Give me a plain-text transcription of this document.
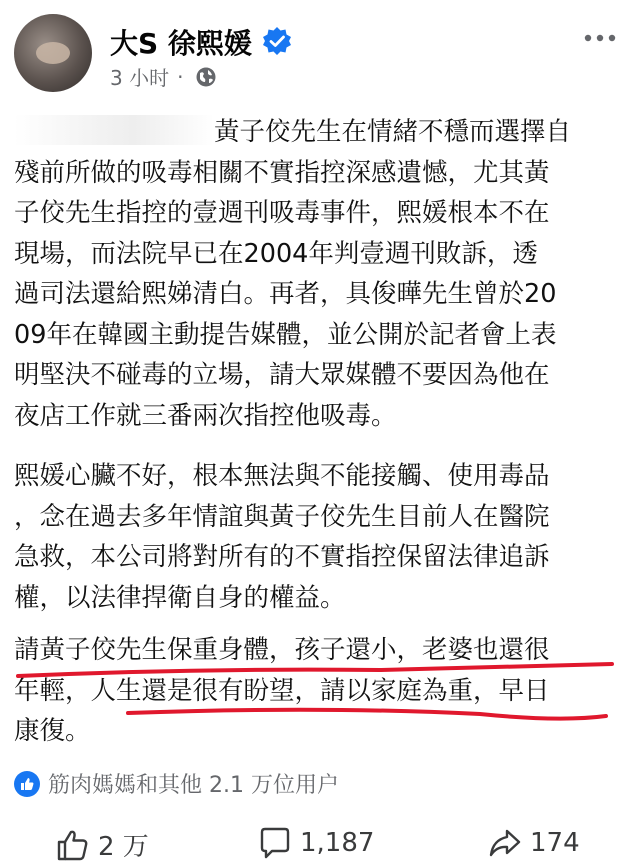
大S 徐熙媛
3 小时 ·
黃子佼先生在情緒不穩而選擇自
殘前所做的吸毒相關不實指控深感遺憾，尤其黃
子佼先生指控的壹週刊吸毒事件，熙媛根本不在
現場，而法院早已在2004年判壹週刊敗訴，透
過司法還給熙娣清白。再者，具俊曄先生曾於20
09年在韓國主動提告媒體，並公開於記者會上表
明堅決不碰毒的立場，請大眾媒體不要因為他在
夜店工作就三番兩次指控他吸毒。
熙媛心臟不好，根本無法與不能接觸、使用毒品
，念在過去多年情誼與黃子佼先生目前人在醫院
急救，本公司將對所有的不實指控保留法律追訴
權，以法律捍衛自身的權益。
請黃子佼先生保重身體，孩子還小，老婆也還很
年輕，人生還是很有盼望，請以家庭為重，早日
康復。
筋肉媽媽和其他 2.1 万位用户
2 万	1,187	174
